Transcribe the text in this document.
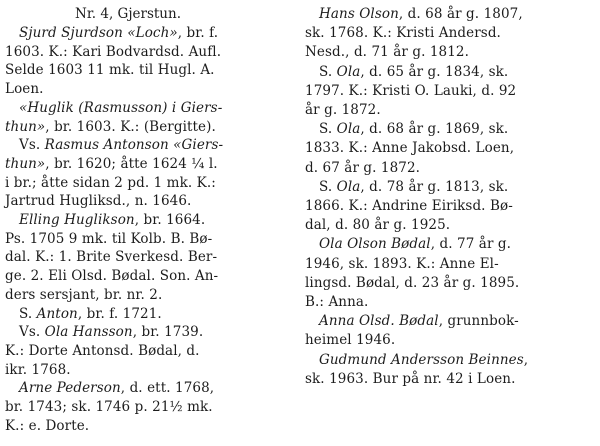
Nr. 4, Gjerstun.
Sjurd Sjurdson «Loch», br. f.
1603. K.: Kari Bodvardsd. Aufl.
Selde 1603 11 mk. til Hugl. A.
Loen.
«Huglik (Rasmusson) i Giers-
thun», br. 1603. K.: (Bergitte).
Vs. Rasmus Antonson «Giers-
thun», br. 1620; åtte 1624 ¼ l.
i br.; åtte sidan 2 pd. 1 mk. K.:
Jartrud Hugliksd., n. 1646.
Elling Huglikson, br. 1664.
Ps. 1705 9 mk. til Kolb. B. Bø-
dal. K.: 1. Brite Sverkesd. Ber-
ge. 2. Eli Olsd. Bødal. Son. An-
ders sersjant, br. nr. 2.
S. Anton, br. f. 1721.
Vs. Ola Hansson, br. 1739.
K.: Dorte Antonsd. Bødal, d.
ikr. 1768.
Arne Pederson, d. ett. 1768,
br. 1743; sk. 1746 p. 21½ mk.
K.: e. Dorte.
Hans Olson, d. 68 år g. 1807,
sk. 1768. K.: Kristi Andersd.
Nesd., d. 71 år g. 1812.
S. Ola, d. 65 år g. 1834, sk.
1797. K.: Kristi O. Lauki, d. 92
år g. 1872.
S. Ola, d. 68 år g. 1869, sk.
1833. K.: Anne Jakobsd. Loen,
d. 67 år g. 1872.
S. Ola, d. 78 år g. 1813, sk.
1866. K.: Andrine Eiriksd. Bø-
dal, d. 80 år g. 1925.
Ola Olson Bødal, d. 77 år g.
1946, sk. 1893. K.: Anne El-
lingsd. Bødal, d. 23 år g. 1895.
B.: Anna.
Anna Olsd. Bødal, grunnbok-
heimel 1946.
Gudmund Andersson Beinnes,
sk. 1963. Bur på nr. 42 i Loen.
